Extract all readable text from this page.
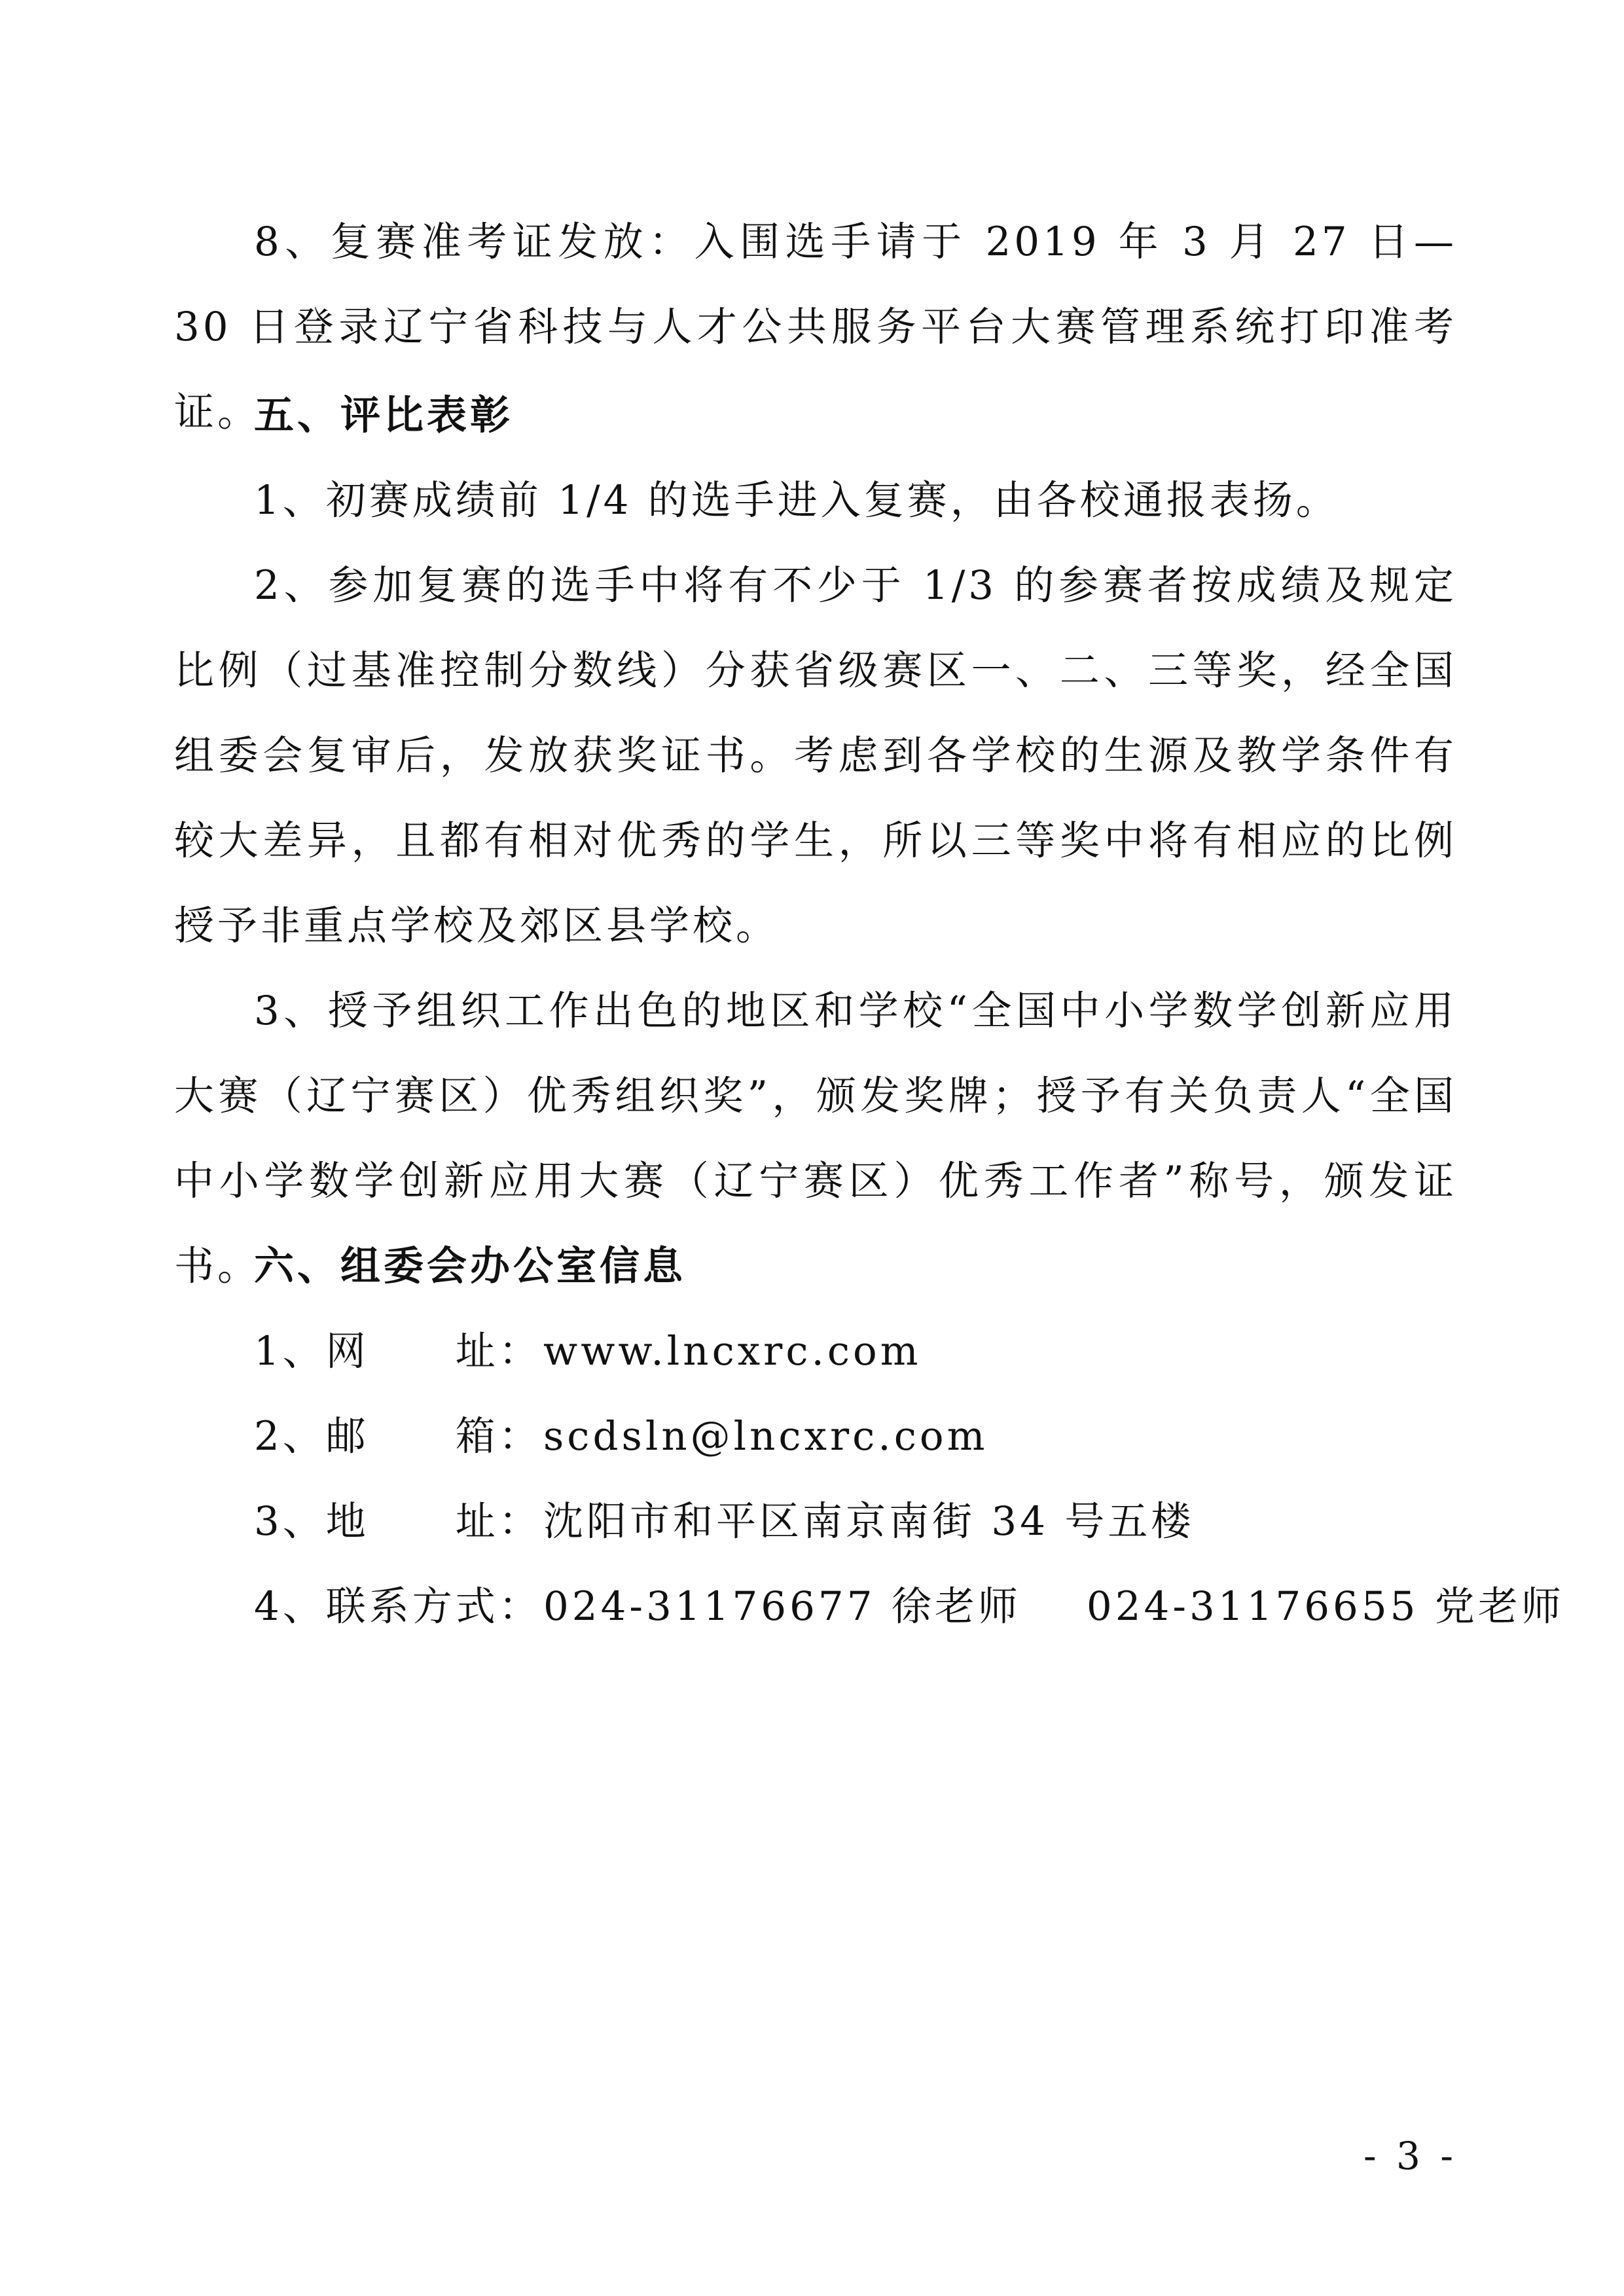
8、复赛准考证发放：入围选手请于 2019 年 3 月 27 日—30 日登录辽宁省科技与人才公共服务平台大赛管理系统打印准考证。

五、评比表彰

1、初赛成绩前 1/4 的选手进入复赛，由各校通报表扬。

2、参加复赛的选手中将有不少于 1/3 的参赛者按成绩及规定比例（过基准控制分数线）分获省级赛区一、二、三等奖，经全国组委会复审后，发放获奖证书。考虑到各学校的生源及教学条件有较大差异，且都有相对优秀的学生，所以三等奖中将有相应的比例授予非重点学校及郊区县学校。

3、授予组织工作出色的地区和学校“全国中小学数学创新应用大赛（辽宁赛区）优秀组织奖”，颁发奖牌；授予有关负责人“全国中小学数学创新应用大赛（辽宁赛区）优秀工作者”称号，颁发证书。

六、组委会办公室信息

1、网　　址：www.lncxrc.com

2、邮　　箱：scdsln@lncxrc.com

3、地　　址：沈阳市和平区南京南街 34 号五楼

4、联系方式：024-31176677 徐老师 024-31176655 党老师

- 3 -
